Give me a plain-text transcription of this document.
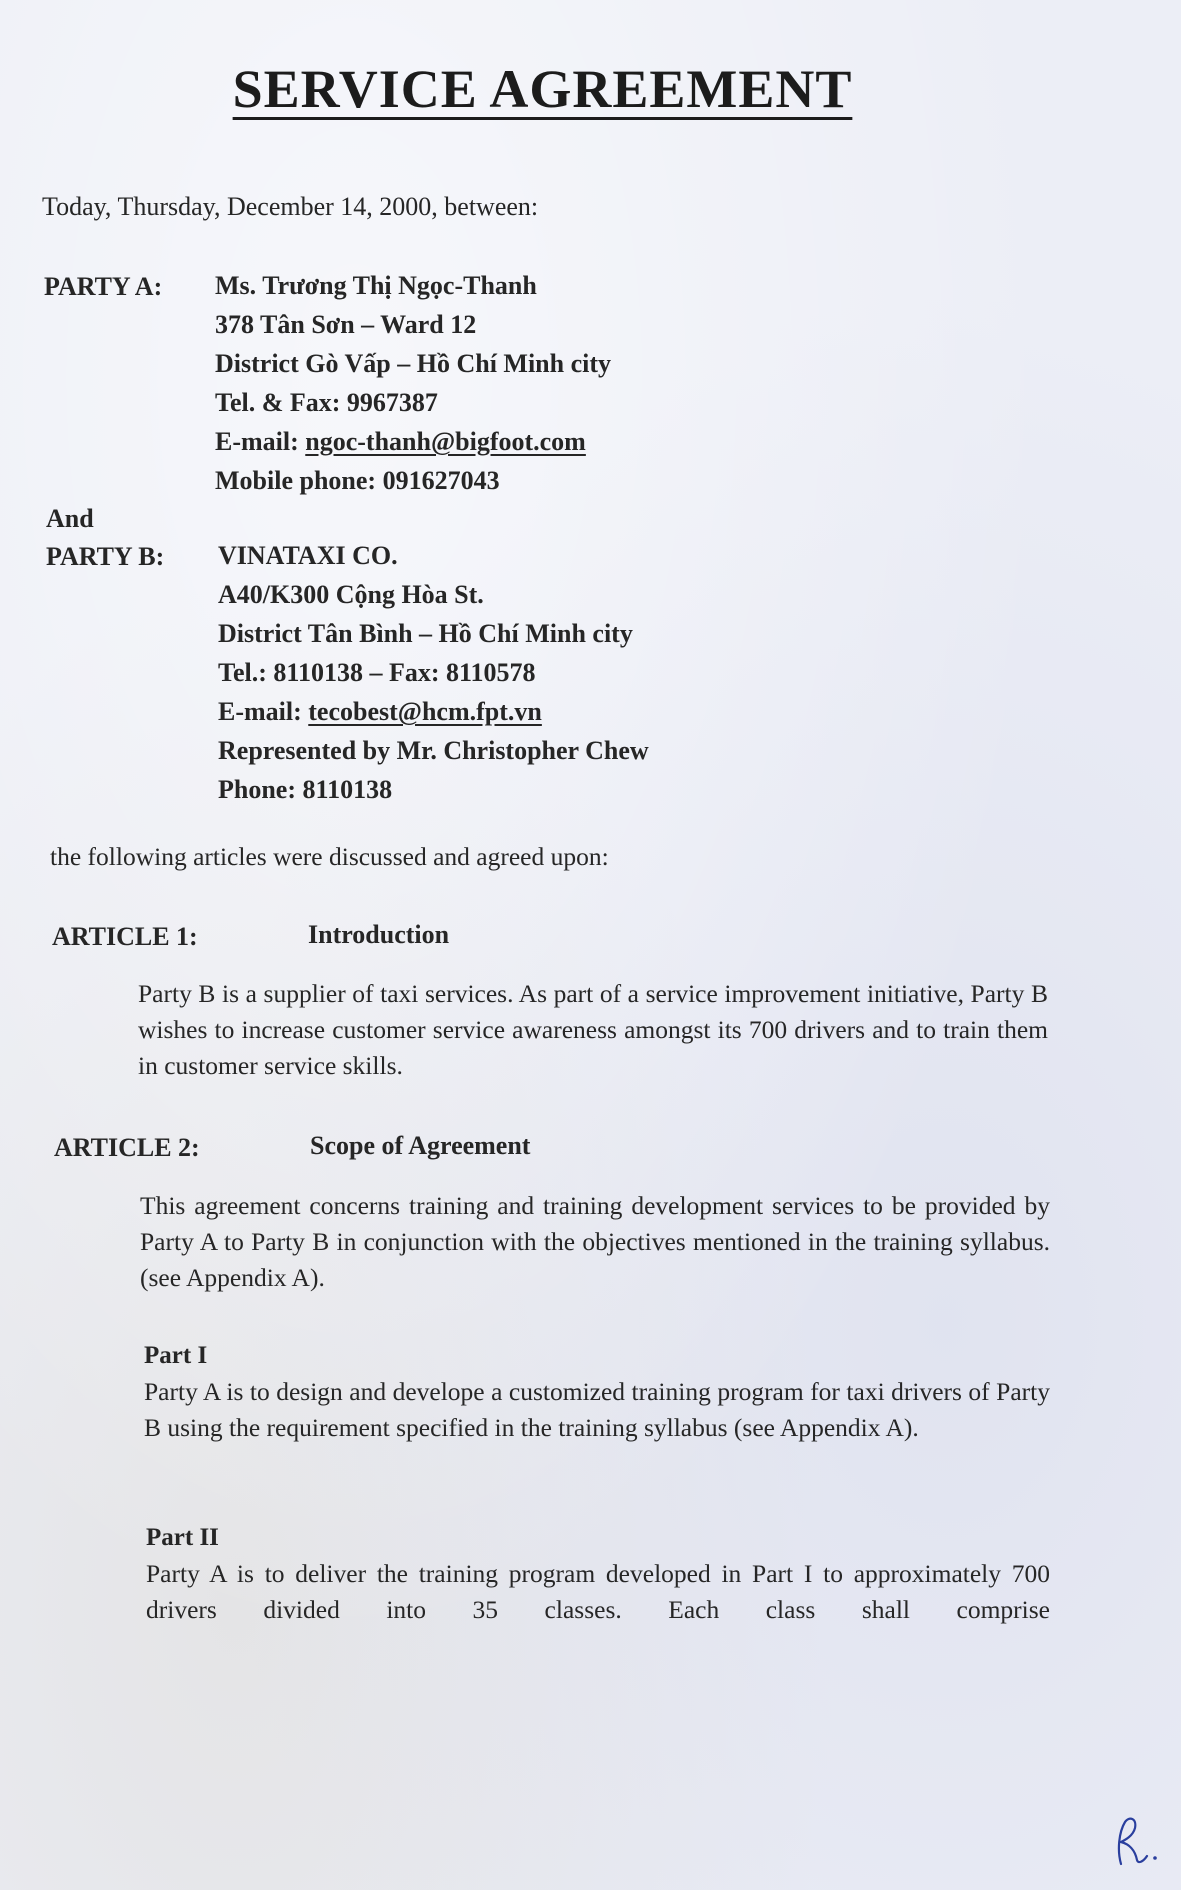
SERVICE AGREEMENT
Today, Thursday, December 14, 2000, between:
PARTY A: Ms. Trương Thị Ngọc-Thanh
378 Tân Sơn – Ward 12
District Gò Vấp – Hồ Chí Minh city
Tel. & Fax: 9967387
E-mail: ngoc-thanh@bigfoot.com
Mobile phone: 091627043
And
PARTY B: VINATAXI CO.
A40/K300 Cộng Hòa St.
District Tân Bình – Hồ Chí Minh city
Tel.: 8110138 – Fax: 8110578
E-mail: tecobest@hcm.fpt.vn
Represented by Mr. Christopher Chew
Phone: 8110138
the following articles were discussed and agreed upon:
ARTICLE 1:	Introduction
Party B is a supplier of taxi services. As part of a service improvement initiative, Party B wishes to increase customer service awareness amongst its 700 drivers and to train them in customer service skills.
ARTICLE 2:	Scope of Agreement
This agreement concerns training and training development services to be provided by Party A to Party B in conjunction with the objectives mentioned in the training syllabus. (see Appendix A).
Part I
Party A is to design and develope a customized training program for taxi drivers of Party B using the requirement specified in the training syllabus (see Appendix A).
Part II
Party A is to deliver the training program developed in Part I to approximately 700 drivers divided into 35 classes. Each class shall comprise
